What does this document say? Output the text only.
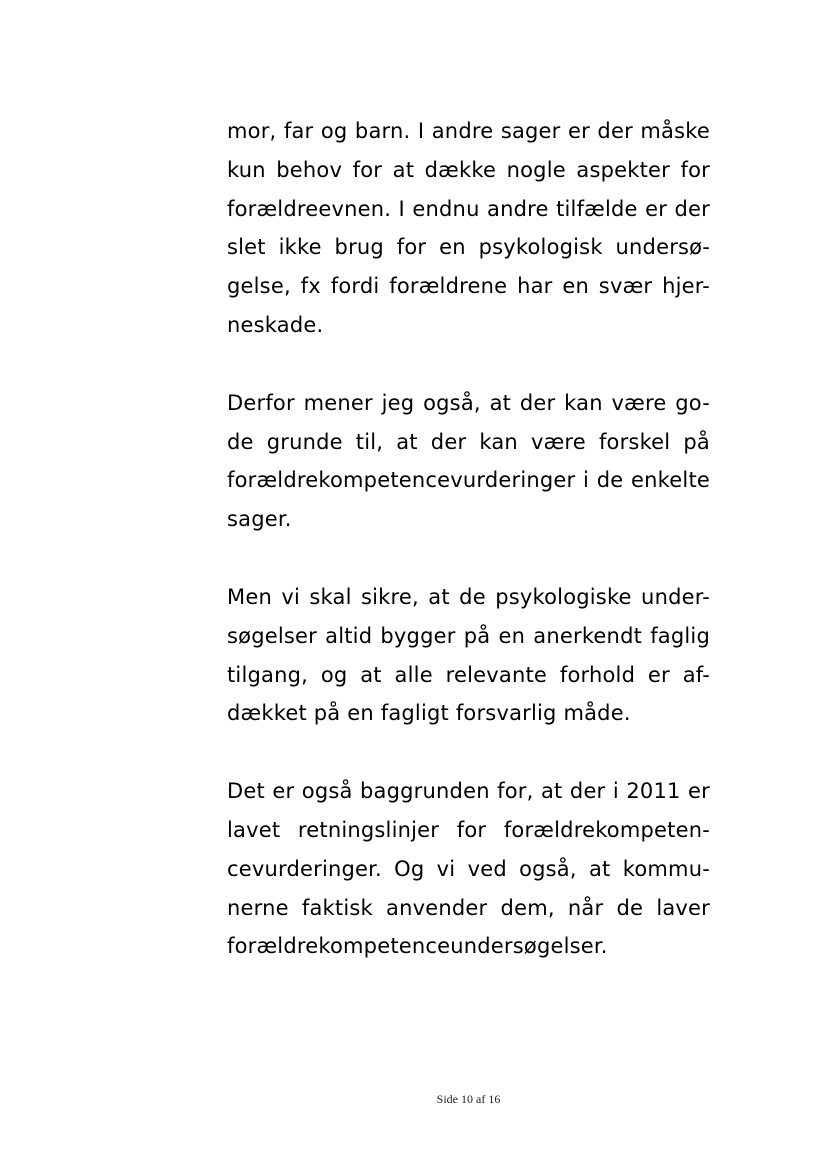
mor, far og barn. I andre sager er der måske
kun behov for at dække nogle aspekter for
forældreevnen. I endnu andre tilfælde er der
slet ikke brug for en psykologisk undersø-
gelse, fx fordi forældrene har en svær hjer-
neskade.

Derfor mener jeg også, at der kan være go-
de grunde til, at der kan være forskel på
forældrekompetencevurderinger i de enkelte
sager.

Men vi skal sikre, at de psykologiske under-
søgelser altid bygger på en anerkendt faglig
tilgang, og at alle relevante forhold er af-
dækket på en fagligt forsvarlig måde.

Det er også baggrunden for, at der i 2011 er
lavet retningslinjer for forældrekompeten-
cevurderinger. Og vi ved også, at kommu-
nerne faktisk anvender dem, når de laver
forældrekompetenceundersøgelser.

Side 10 af 16
